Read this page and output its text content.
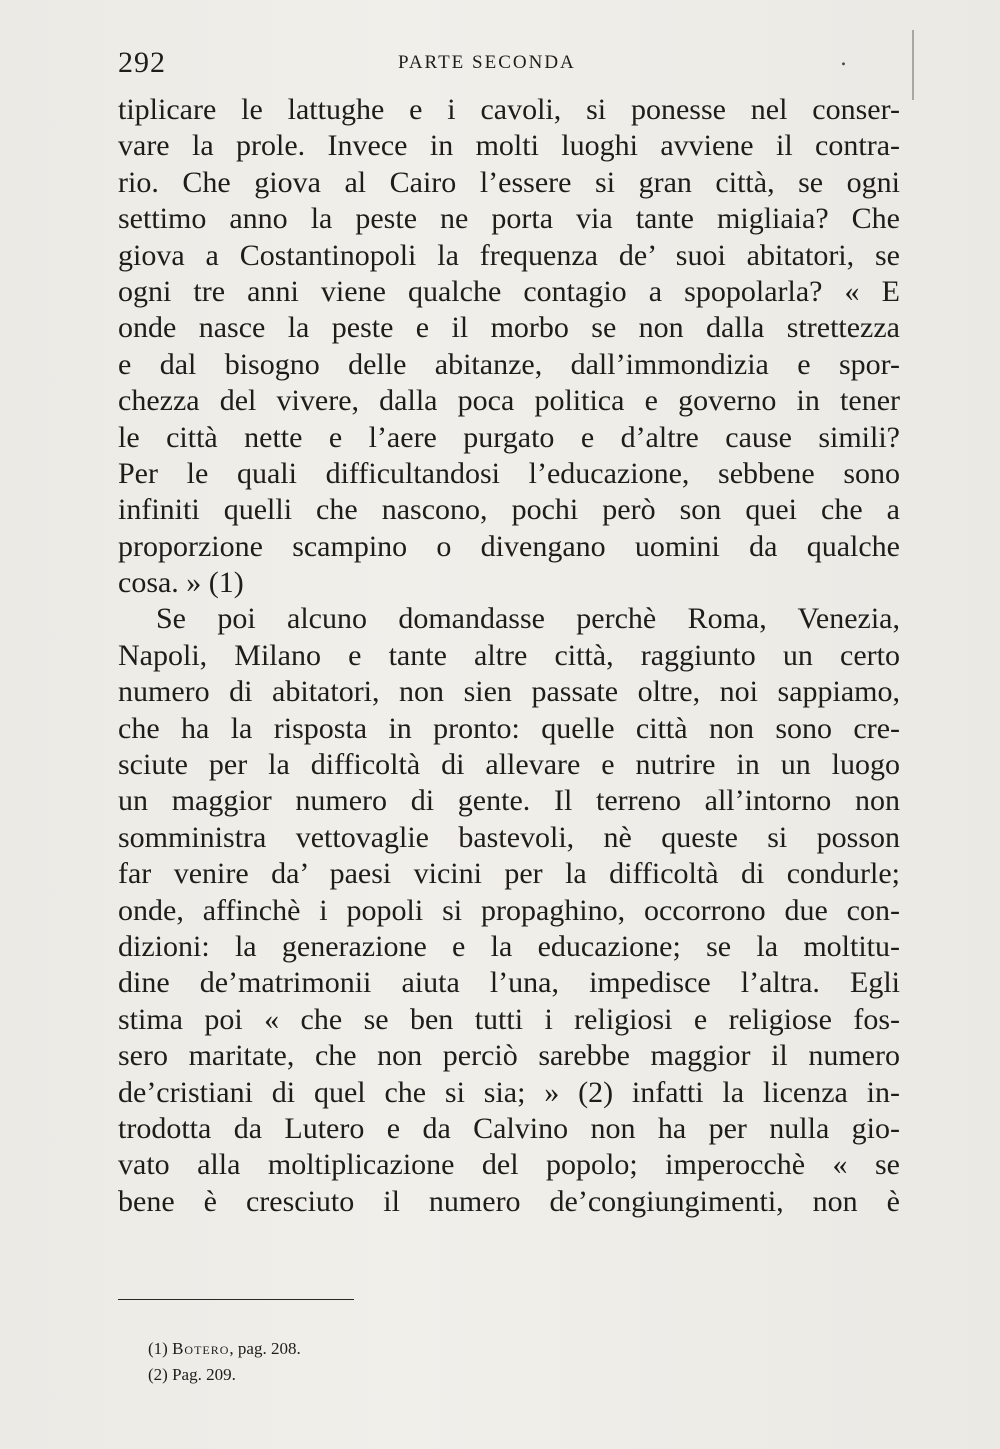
292	PARTE SECONDA	.
tiplicare le lattughe e i cavoli, si ponesse nel conser-
vare la prole. Invece in molti luoghi avviene il contra-
rio. Che giova al Cairo l’essere si gran città, se ogni
settimo anno la peste ne porta via tante migliaia? Che
giova a Costantinopoli la frequenza de’ suoi abitatori, se
ogni tre anni viene qualche contagio a spopolarla? « E
onde nasce la peste e il morbo se non dalla strettezza
e dal bisogno delle abitanze, dall’immondizia e spor-
chezza del vivere, dalla poca politica e governo in tener
le città nette e l’aere purgato e d’altre cause simili?
Per le quali difficultandosi l’educazione, sebbene sono
infiniti quelli che nascono, pochi però son quei che a
proporzione scampino o divengano uomini da qualche
cosa. » (1)
Se poi alcuno domandasse perchè Roma, Venezia,
Napoli, Milano e tante altre città, raggiunto un certo
numero di abitatori, non sien passate oltre, noi sappiamo,
che ha la risposta in pronto: quelle città non sono cre-
sciute per la difficoltà di allevare e nutrire in un luogo
un maggior numero di gente. Il terreno all’intorno non
somministra vettovaglie bastevoli, nè queste si posson
far venire da’ paesi vicini per la difficoltà di condurle;
onde, affinchè i popoli si propaghino, occorrono due con-
dizioni: la generazione e la educazione; se la moltitu-
dine de’matrimonii aiuta l’una, impedisce l’altra. Egli
stima poi « che se ben tutti i religiosi e religiose fos-
sero maritate, che non perciò sarebbe maggior il numero
de’cristiani di quel che si sia; » (2) infatti la licenza in-
trodotta da Lutero e da Calvino non ha per nulla gio-
vato alla moltiplicazione del popolo; imperocchè « se
bene è cresciuto il numero de’congiungimenti, non è
(1) Botero, pag. 208.
(2) Pag. 209.
